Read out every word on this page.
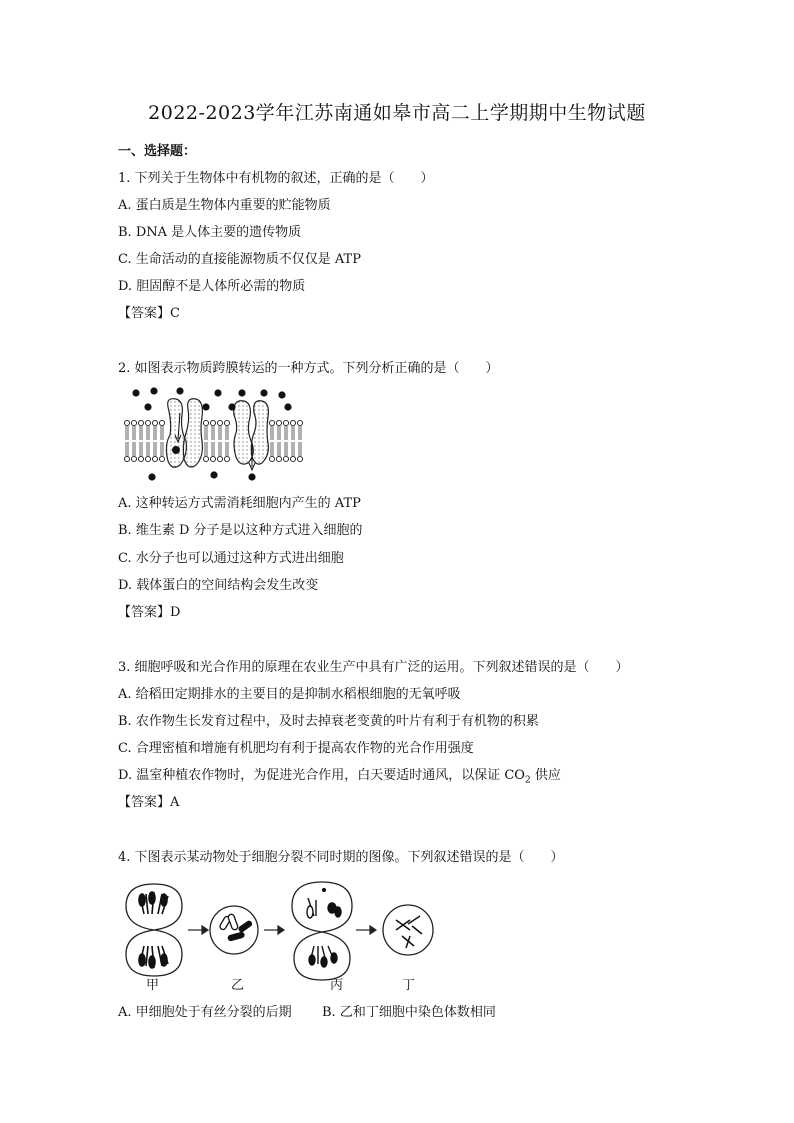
2022-2023学年江苏南通如皋市高二上学期期中生物试题
一、选择题：
1. 下列关于生物体中有机物的叙述，正确的是（　　）
A. 蛋白质是生物体内重要的贮能物质
B. DNA 是人体主要的遗传物质
C. 生命活动的直接能源物质不仅仅是 ATP
D. 胆固醇不是人体所必需的物质
【答案】C
2. 如图表示物质跨膜转运的一种方式。下列分析正确的是（　　）
A. 这种转运方式需消耗细胞内产生的 ATP
B. 维生素 D 分子是以这种方式进入细胞的
C. 水分子也可以通过这种方式进出细胞
D. 载体蛋白的空间结构会发生改变
【答案】D
3. 细胞呼吸和光合作用的原理在农业生产中具有广泛的运用。下列叙述错误的是（　　）
A. 给稻田定期排水的主要目的是抑制水稻根细胞的无氧呼吸
B. 农作物生长发育过程中，及时去掉衰老变黄的叶片有利于有机物的积累
C. 合理密植和增施有机肥均有利于提高农作物的光合作用强度
D. 温室种植农作物时，为促进光合作用，白天要适时通风，以保证 $CO_2$ 供应
【答案】A
4. 下图表示某动物处于细胞分裂不同时期的图像。下列叙述错误的是（　　）
甲	乙	丙	丁
A. 甲细胞处于有丝分裂的后期 B. 乙和丁细胞中染色体数相同
